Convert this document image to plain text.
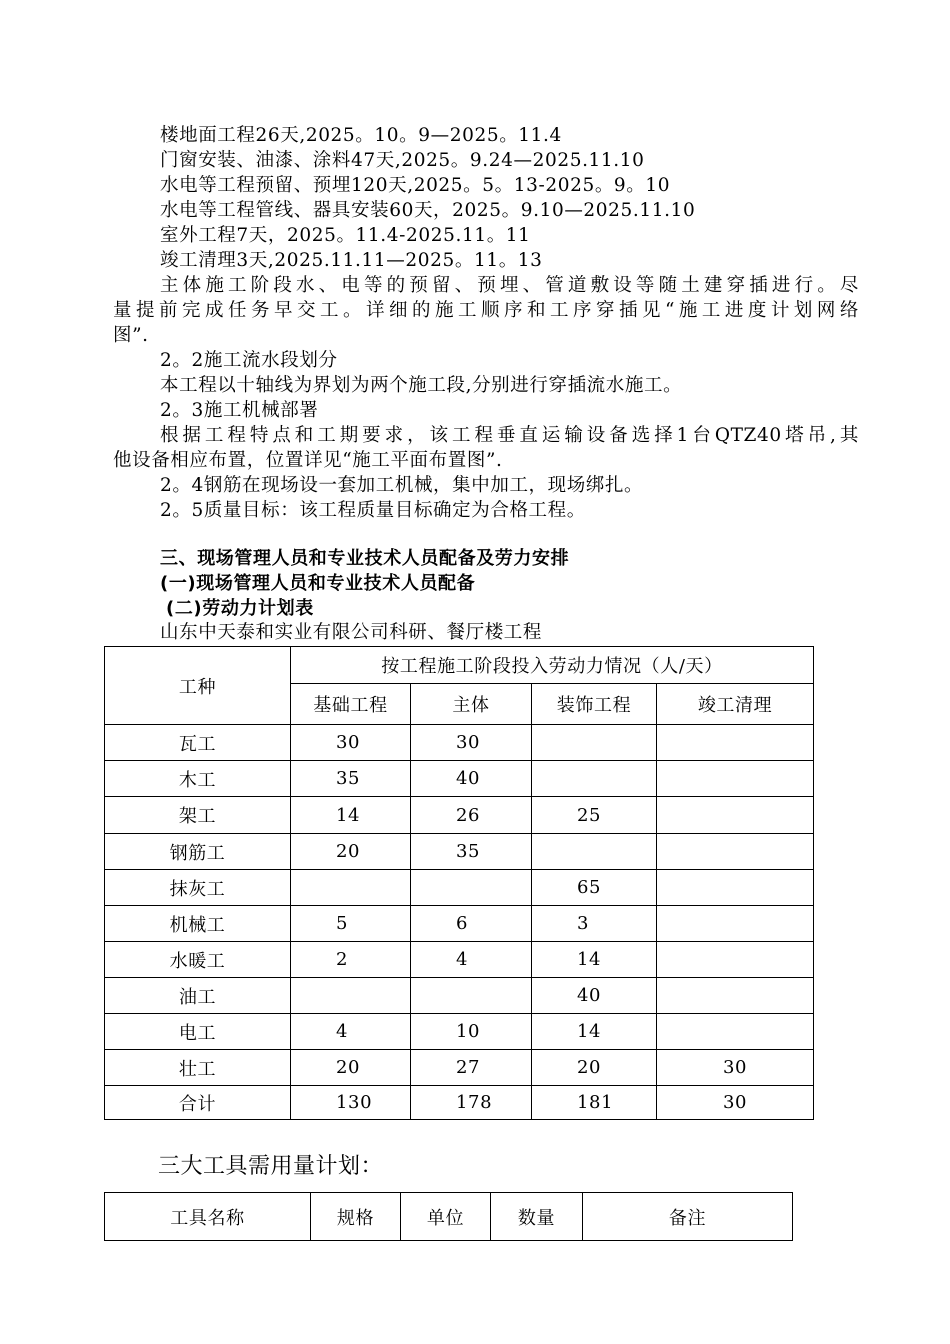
楼地面工程26天,2025。10。9—2025。11.4
门窗安装、油漆、涂料47天,2025。9.24—2025.11.10
水电等工程预留、预埋120天,2025。5。13-2025。9。10
水电等工程管线、器具安装60天，2025。9.10—2025.11.10
室外工程7天，2025。11.4-2025.11。11
竣工清理3天,2025.11.11—2025。11。13
主体施工阶段水、电等的预留、预埋、管道敷设等随土建穿插进行。尽
量提前完成任务早交工。详细的施工顺序和工序穿插见“施工进度计划网络
图”.
2。2施工流水段划分
本工程以十轴线为界划为两个施工段,分别进行穿插流水施工。
2。3施工机械部署
根据工程特点和工期要求，该工程垂直运输设备选择1台QTZ40塔吊,其
他设备相应布置，位置详见“施工平面布置图”.
2。4钢筋在现场设一套加工机械，集中加工，现场绑扎。
2。5质量目标：该工程质量目标确定为合格工程。
三、现场管理人员和专业技术人员配备及劳力安排
(一)现场管理人员和专业技术人员配备
(二)劳动力计划表
山东中天泰和实业有限公司科研、餐厅楼工程
工种	按工程施工阶段投入劳动力情况（人/天）			
	基础工程	主体	装饰工程	竣工清理
瓦工	30	30		
木工	35	40		
架工	14	26	25	
钢筋工	20	35		
抹灰工			65	
机械工	5	6	3	
水暖工	2	4	14	
油工			40	
电工	4	10	14	
壮工	20	27	20	30
合计	130	178	181	30
三大工具需用量计划：
工具名称	规格	单位	数量	备注
